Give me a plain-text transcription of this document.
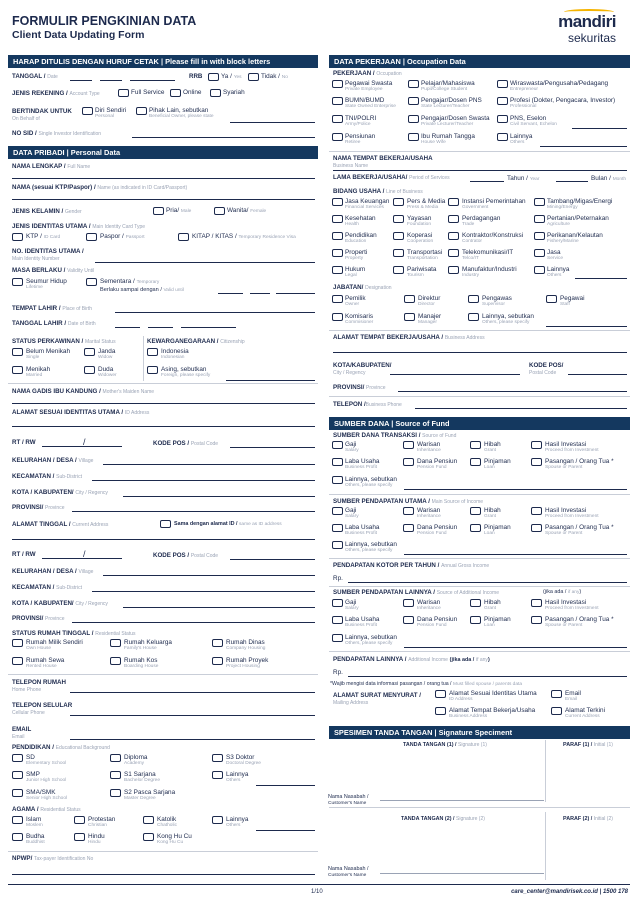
FORMULIR PENGKINIAN DATA
Client Data Updating Form
mandiri
sekuritas
HARAP DITULIS DENGAN HURUF CETAK | Please fill in with block letters
TANGGAL / Date	RRB	Ya / Yes	Tidak / No
JENIS REKENING / Account Type	Full Service	Online	Syariah
BERTINDAK UNTUK
On Behalf of
Diri Sendiri
Personal
Pihak Lain, sebutkan
Beneficial Owner, please state
NO SID / Single Investor Identification
DATA PRIBADI | Personal Data
NAMA LENGKAP / Full Name
NAMA (sesuai KTP/Paspor) / Name (as indicated in ID Card/Passport)
JENIS KELAMIN / Gender	Pria/ Male	Wanita/ Female
JENIS IDENTITAS UTAMA / Main Identity Card Type
KTP / ID Card	Paspor / Passport	KITAP / KITAS / Temporary Residence Visa
NO. IDENTITAS UTAMA /
Main Identity Number
MASA BERLAKU / Validity Until
Seumur Hidup
Lifetime
Sementara / Temporary
Berlaku sampai dengan / Valid until
TEMPAT LAHIR / Place of Birth
TANGGAL LAHIR / Date of Birth
STATUS PERKAWINAN / Marital Status
Belum Menikah
Single
Janda
Widow
Menikah
Married
Duda
Widower
KEWARGANEGARAAN / Citizenship
Indonesia
Indonesian
Asing, sebutkan
Foreign, please specify
NAMA GADIS IBU KANDUNG / Mother's Maiden Name
ALAMAT SESUAI IDENTITAS UTAMA / ID Address
RT / RW	/	KODE POS / Postal Code
KELURAHAN / DESA / Village
KECAMATAN / Sub-District
KOTA / KABUPATEN/ City / Regency
PROVINSI/ Province
ALAMAT TINGGAL / Current Address	Sama dengan alamat ID / same as ID address
RT / RW	/	KODE POS / Postal Code
KELURAHAN / DESA / Village
KECAMATAN / Sub-District
KOTA / KABUPATEN/ City / Regency
PROVINSI/ Province
STATUS RUMAH TINGGAL / Residential Status
Rumah Milik Sendiri
Own House
Rumah Keluarga
Family's House
Rumah Dinas
Company Housing
Rumah Sewa
Rented House
Rumah Kos
Boarding House
Rumah Proyek
Project Housing
TELEPON RUMAH
Home Phone
TELEPON SELULAR
Cellular Phone
EMAIL
Email
PENDIDIKAN / Educational Background
SD
Elementary School
Diploma
Academy
S3 Doktor
Doctoral Degree
SMP
Junior High School
S1 Sarjana
Bachelor Degree
Lainnya
Others
SMA/SMK
Senior High School
S2 Pasca Sarjana
Master Degree
AGAMA / Residential Status
Islam
Moslem
Protestan
Christian
Katolik
Chatholic
Lainnya
Others
Budha
Buddhist
Hindu
Hindu
Kong Hu Cu
Kong Hu Cu
NPWP/ Tax-payer Identification No
DATA PEKERJAAN | Occupation Data
PEKERJAAN / Occupation
Pegawai Swasta
Private Employee
Pelajar/Mahasiswa
Pupil/College Student
Wiraswasta/Pengusaha/Pedagang
Entrepreneur
BUMN/BUMD
State Owned Enterprise
Pengajar/Dosen PNS
State Lecturer/Teacher
Profesi (Dokter, Pengacara, Investor)
Professional
TNI/POLRI
Army/Police
Pengajar/Dosen Swasta
Private Lecturer/Teacher
PNS, Eselon
Civil Servant, Echelon
Pensiunan
Retiree
Ibu Rumah Tangga
House Wife
Lainnya
Others
NAMA TEMPAT BEKERJA/USAHA
Business Name
LAMA BEKERJA/USAHA/ Period of Services	Tahun / Year	Bulan / Month
BIDANG USAHA / Line of Business
Jasa Keuangan
Financial Services
Pers & Media
Press & Media
Instansi Pemerintahan
Government
Tambang/Migas/Energi
Mining/Energy
Kesehatan
Health
Yayasan
Foundation
Perdagangan
Trade
Pertanian/Peternakan
Agriculture
Pendidikan
Education
Koperasi
Cooperation
Kontraktor/Konstruksi
Contrator
Perikanan/Kelautan
Fishery/Marine
Properti
Property
Transportasi
Transportation
Telekomunikasi/IT
Telco/IT
Jasa
Service
Hukum
Legal
Pariwisata
Tourism
Manufaktur/Industri
Industry
Lainnya
Others
JABATAN/ Designation
Pemilik
Owner
Direktur
Director
Pengawas
Supervisor
Pegawai
Staff
Komisaris
Commisioner
Manajer
Manager
Lainnya, sebutkan
Others, please specify
ALAMAT TEMPAT BEKERJA/USAHA / Business Address
KOTA/KABUPATEN/
City / Regency
KODE POS/
Postal Code
PROVINSI/ Province
TELEPON /Business Phone
SUMBER DANA | Source of Fund
SUMBER DANA TRANSAKSI / Source of Fund
Gaji
Salary
Warisan
Inheritance
Hibah
Grant
Hasil Investasi
Proceed from Investment
Laba Usaha
Business Profit
Dana Pensiun
Pension Fund
Pinjaman
Loan
Pasangan / Orang Tua *
Spouse or Parent
Lainnya, sebutkan
Others, please specify
SUMBER PENDAPATAN UTAMA / Main Source of Income
Gaji
Salary
Warisan
Inheritance
Hibah
Grant
Hasil Investasi
Proceed from Investment
Laba Usaha
Business Profit
Dana Pensiun
Pension Fund
Pinjaman
Loan
Pasangan / Orang Tua *
Spouse or Parent
Lainnya, sebutkan
Others, please specify
PENDAPATAN KOTOR PER TAHUN / Annual Gross Income
Rp.
SUMBER PENDAPATAN LAINNYA / Source of Additional Income	(jika ada / if any)
Gaji
Salary
Warisan
Inheritance
Hibah
Grant
Hasil Investasi
Proceed from Investment
Laba Usaha
Business Profit
Dana Pensiun
Pension Fund
Pinjaman
Loan
Pasangan / Orang Tua *
Spouse or Parent
Lainnya, sebutkan
Others, please specify
PENDAPATAN LAINNYA / Additional Income (jika ada / if any)
Rp.
*Wajib mengisi data informasi pasangan / orang tua / Must filled spouse / parents data
ALAMAT SURAT MENYURAT /
Mailing Address
Alamat Sesuai Identitas Utama
ID Address
Email
Email
Alamat Tempat Bekerja/Usaha
Business Address
Alamat Terkini
Current Address
SPESIMEN TANDA TANGAN | Signature Speciment
TANDA TANGAN (1) / Signature (1)	PARAF (1) / Initial (1)
Nama Nasabah /
Customer's Name
TANDA TANGAN (2) / Signature (2)	PARAF (2) / Initial (2)
Nama Nasabah /
Customer's Name
1/10	care_center@mandirisek.co.id | 1500 178
